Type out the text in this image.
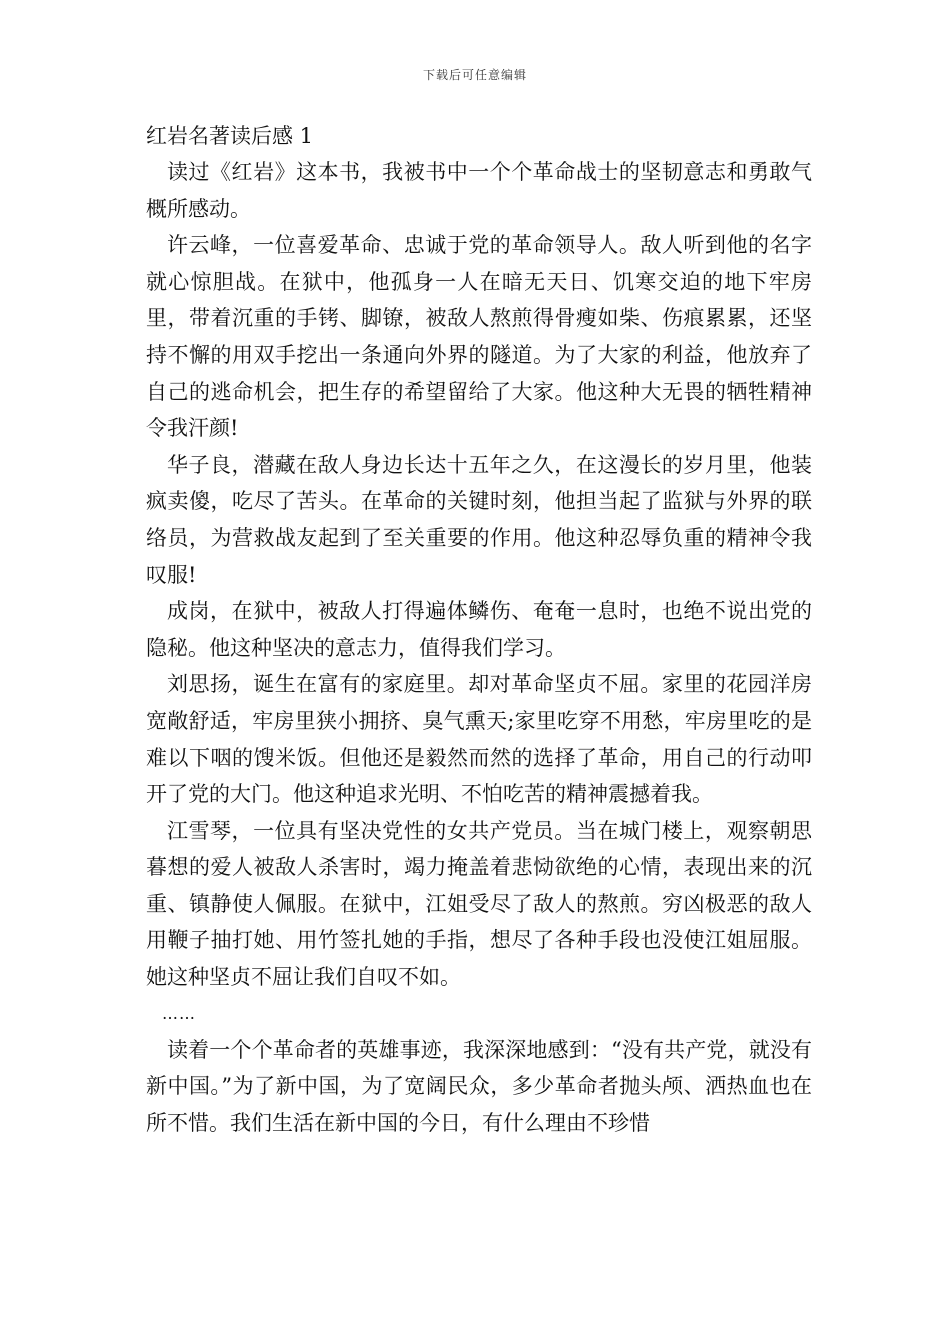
下载后可任意编辑

红岩名著读后感 1

读过《红岩》这本书，我被书中一个个革命战士的坚韧意志和勇敢气概所感动。

许云峰，一位喜爱革命、忠诚于党的革命领导人。敌人听到他的名字就心惊胆战。在狱中，他孤身一人在暗无天日、饥寒交迫的地下牢房里，带着沉重的手铐、脚镣，被敌人熬煎得骨瘦如柴、伤痕累累，还坚持不懈的用双手挖出一条通向外界的隧道。为了大家的利益，他放弃了自己的逃命机会，把生存的希望留给了大家。他这种大无畏的牺牲精神令我汗颜!

华子良，潜藏在敌人身边长达十五年之久，在这漫长的岁月里，他装疯卖傻，吃尽了苦头。在革命的关键时刻，他担当起了监狱与外界的联络员，为营救战友起到了至关重要的作用。他这种忍辱负重的精神令我叹服!

成岗，在狱中，被敌人打得遍体鳞伤、奄奄一息时，也绝不说出党的隐秘。他这种坚决的意志力，值得我们学习。

刘思扬，诞生在富有的家庭里。却对革命坚贞不屈。家里的花园洋房宽敞舒适，牢房里狭小拥挤、臭气熏天;家里吃穿不用愁，牢房里吃的是难以下咽的馊米饭。但他还是毅然而然的选择了革命，用自己的行动叩开了党的大门。他这种追求光明、不怕吃苦的精神震撼着我。

江雪琴，一位具有坚决党性的女共产党员。当在城门楼上，观察朝思暮想的爱人被敌人杀害时，竭力掩盖着悲恸欲绝的心情，表现出来的沉重、镇静使人佩服。在狱中，江姐受尽了敌人的熬煎。穷凶极恶的敌人用鞭子抽打她、用竹签扎她的手指，想尽了各种手段也没使江姐屈服。她这种坚贞不屈让我们自叹不如。

……

读着一个个革命者的英雄事迹，我深深地感到：“没有共产党，就没有新中国。”为了新中国，为了宽阔民众，多少革命者抛头颅、洒热血也在所不惜。我们生活在新中国的今日，有什么理由不珍惜
